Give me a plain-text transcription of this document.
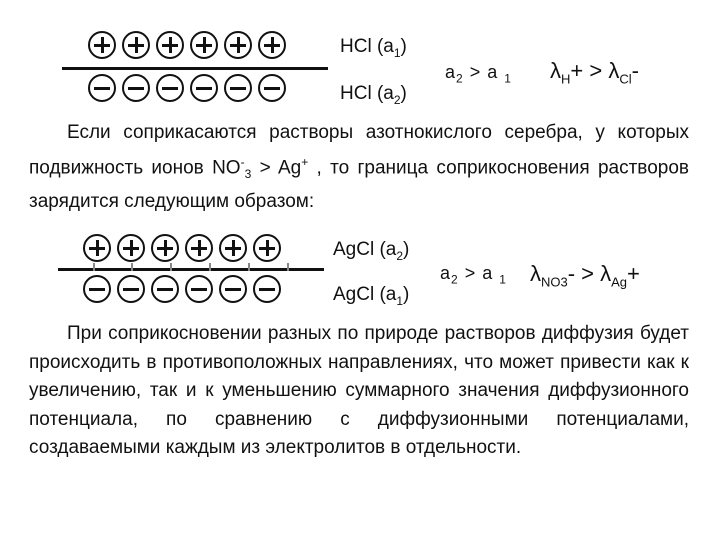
HCl $(a_1)$
HCl $(a_2)$
$a_2 > a$ $_1$ $\lambda_H+ > \lambda_{Cl}-$
Если соприкасаются растворы азотнокислого серебра, у которых подвижность ионов $NO^-_3 > Ag^+$ , то граница соприкосновения растворов зарядится следующим образом:
AgCl $(a_2)$
AgCl $(a_1)$
$a_2 > a$ $_1$ $\lambda_{NO3}- > \lambda_{Ag}+$
При соприкосновении разных по природе растворов диффузия будет происходить в противоположных направлениях, что может привести как к увеличению, так и к уменьшению суммарного значения диффузионного потенциала, по сравнению с диффузионными потенциалами, создаваемыми каждым из электролитов в отдельности.
